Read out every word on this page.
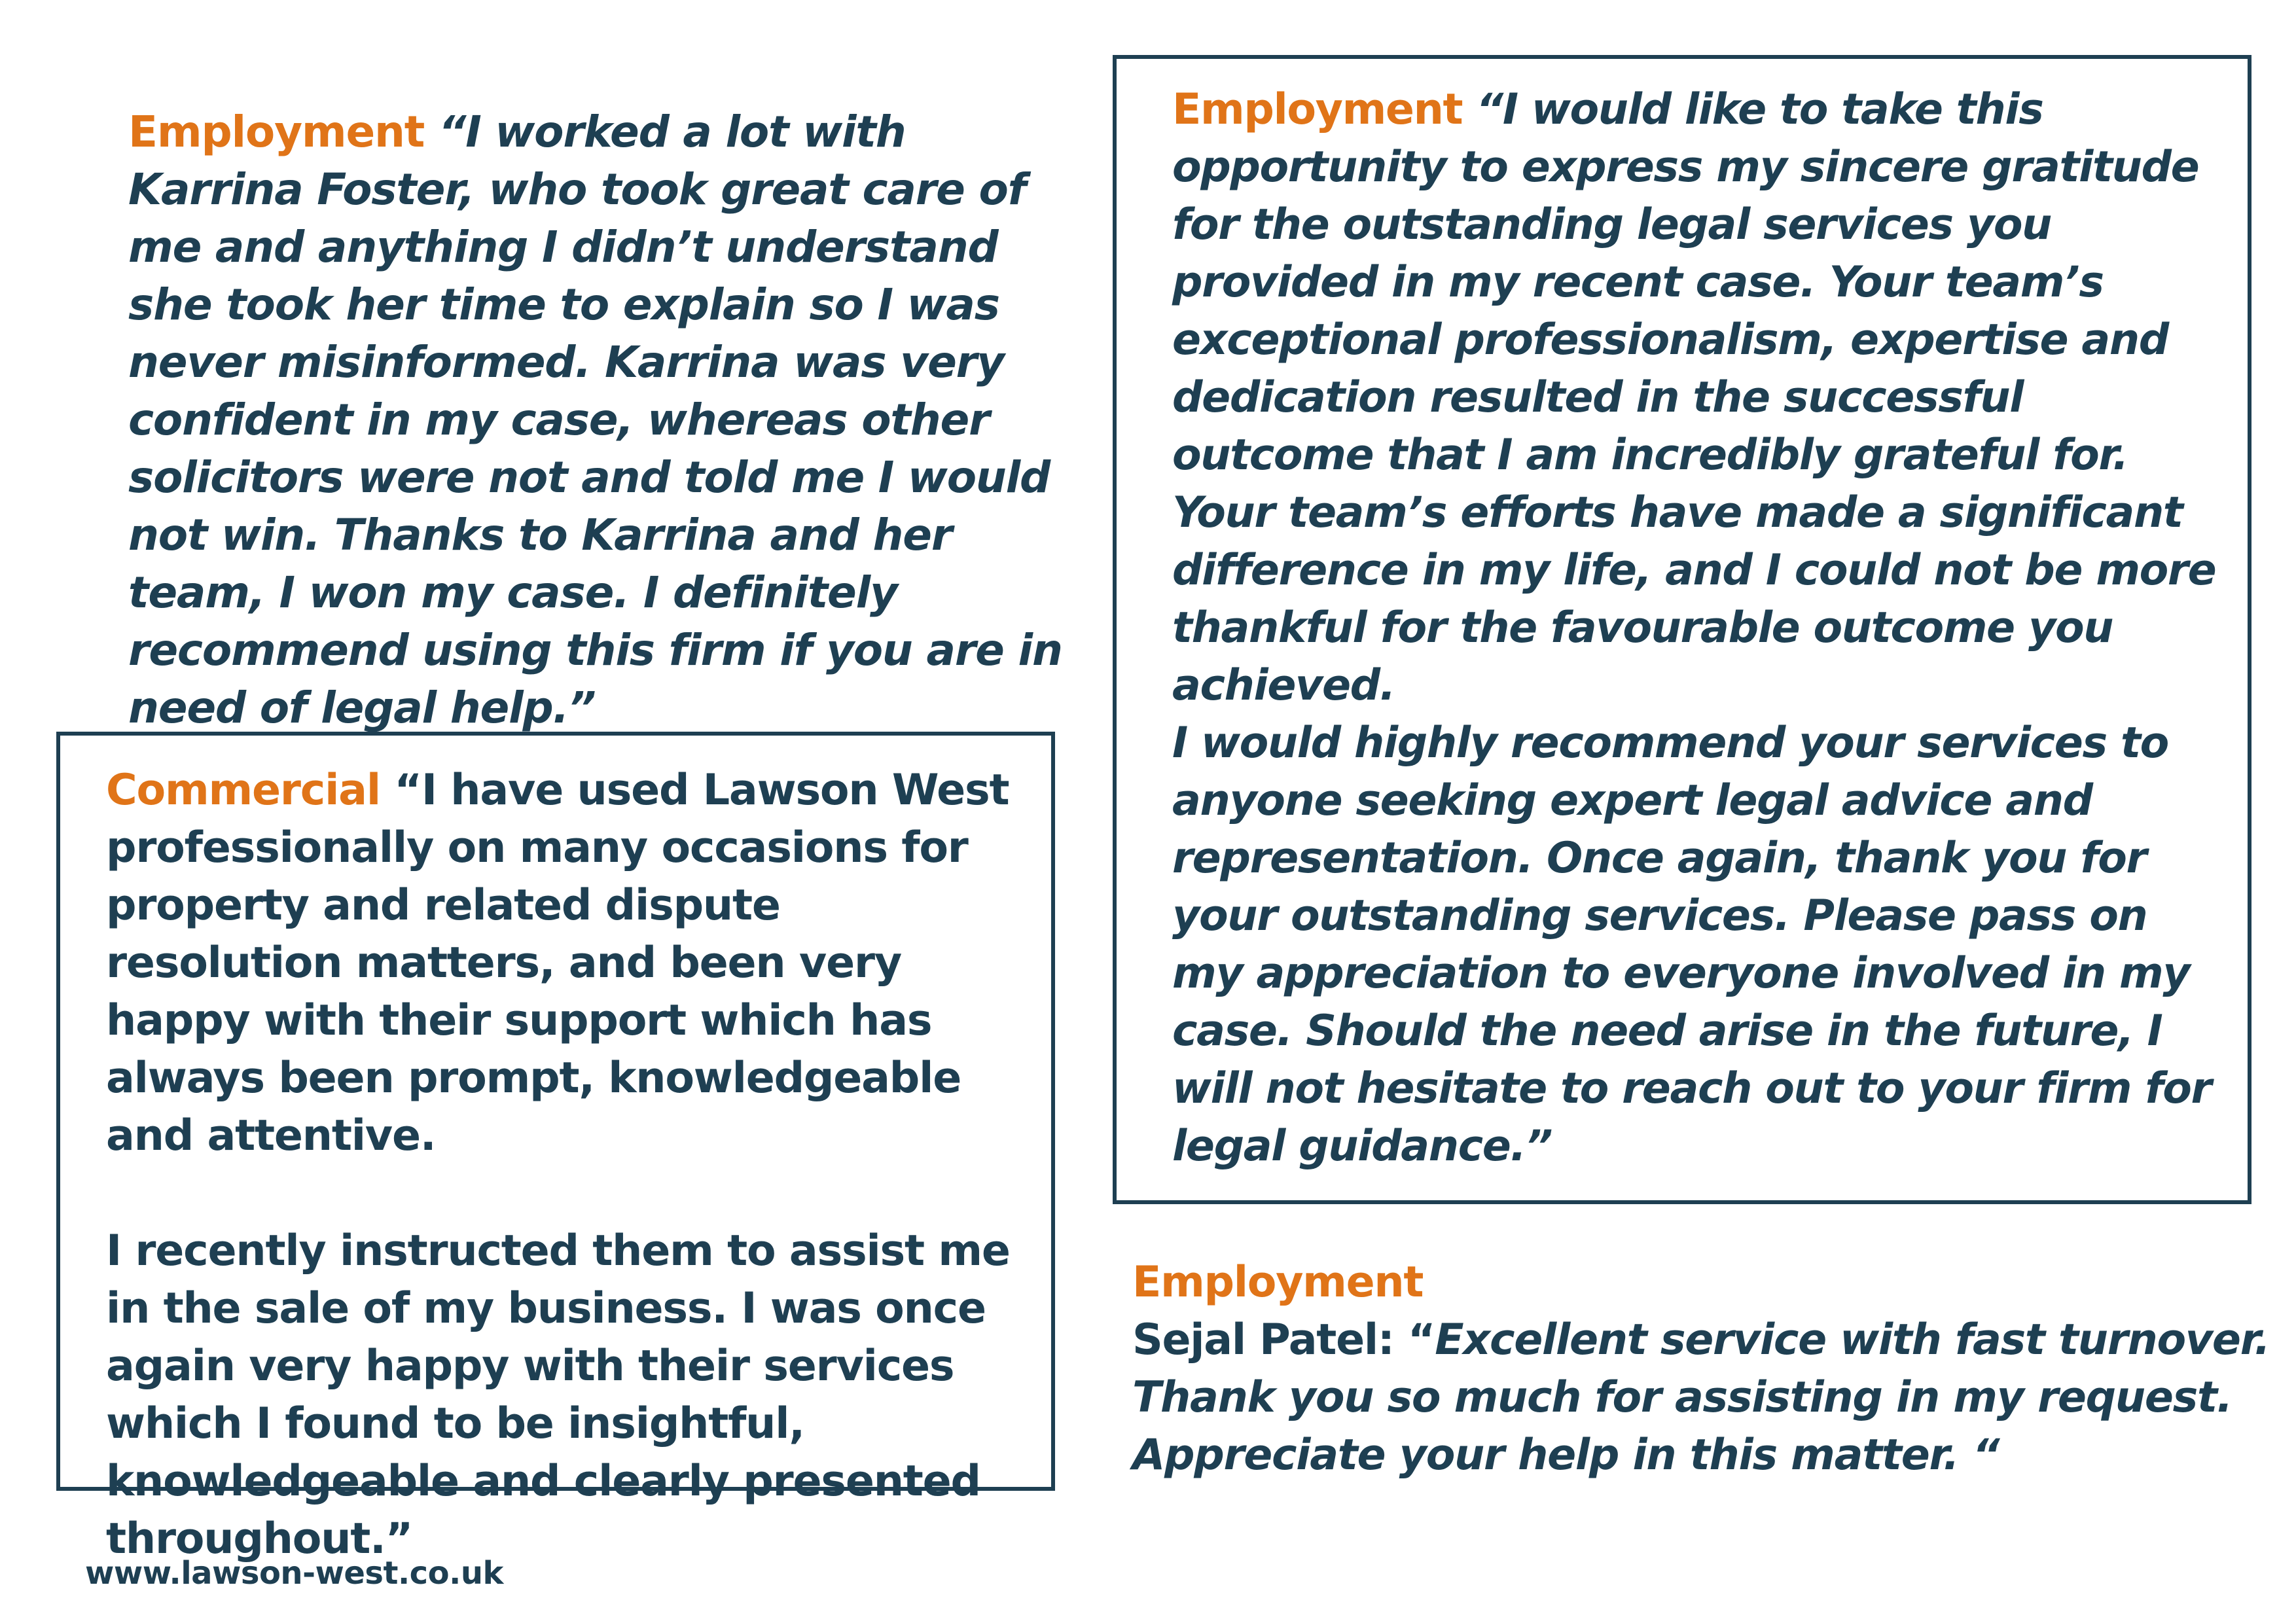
Employment “I worked a lot with Karrina Foster, who took great care of me and anything I didn’t understand she took her time to explain so I was never misinformed. Karrina was very confident in my case, whereas other solicitors were not and told me I would not win. Thanks to Karrina and her team, I won my case. I definitely recommend using this firm if you are in need of legal help.”

Commercial “I have used Lawson West professionally on many occasions for property and related dispute resolution matters, and been very happy with their support which has always been prompt, knowledgeable and attentive.

I recently instructed them to assist me in the sale of my business. I was once again very happy with their services which I found to be insightful, knowledgeable and clearly presented throughout.”

Employment “I would like to take this opportunity to express my sincere gratitude for the outstanding legal services you provided in my recent case. Your team’s exceptional professionalism, expertise and dedication resulted in the successful outcome that I am incredibly grateful for.

Your team’s efforts have made a significant difference in my life, and I could not be more thankful for the favourable outcome you achieved.

I would highly recommend your services to anyone seeking expert legal advice and representation. Once again, thank you for your outstanding services. Please pass on my appreciation to everyone involved in my case. Should the need arise in the future, I will not hesitate to reach out to your firm for legal guidance.”

Employment

Sejal Patel: “Excellent service with fast turnover. Thank you so much for assisting in my request. Appreciate your help in this matter. “

www.lawson-west.co.uk
